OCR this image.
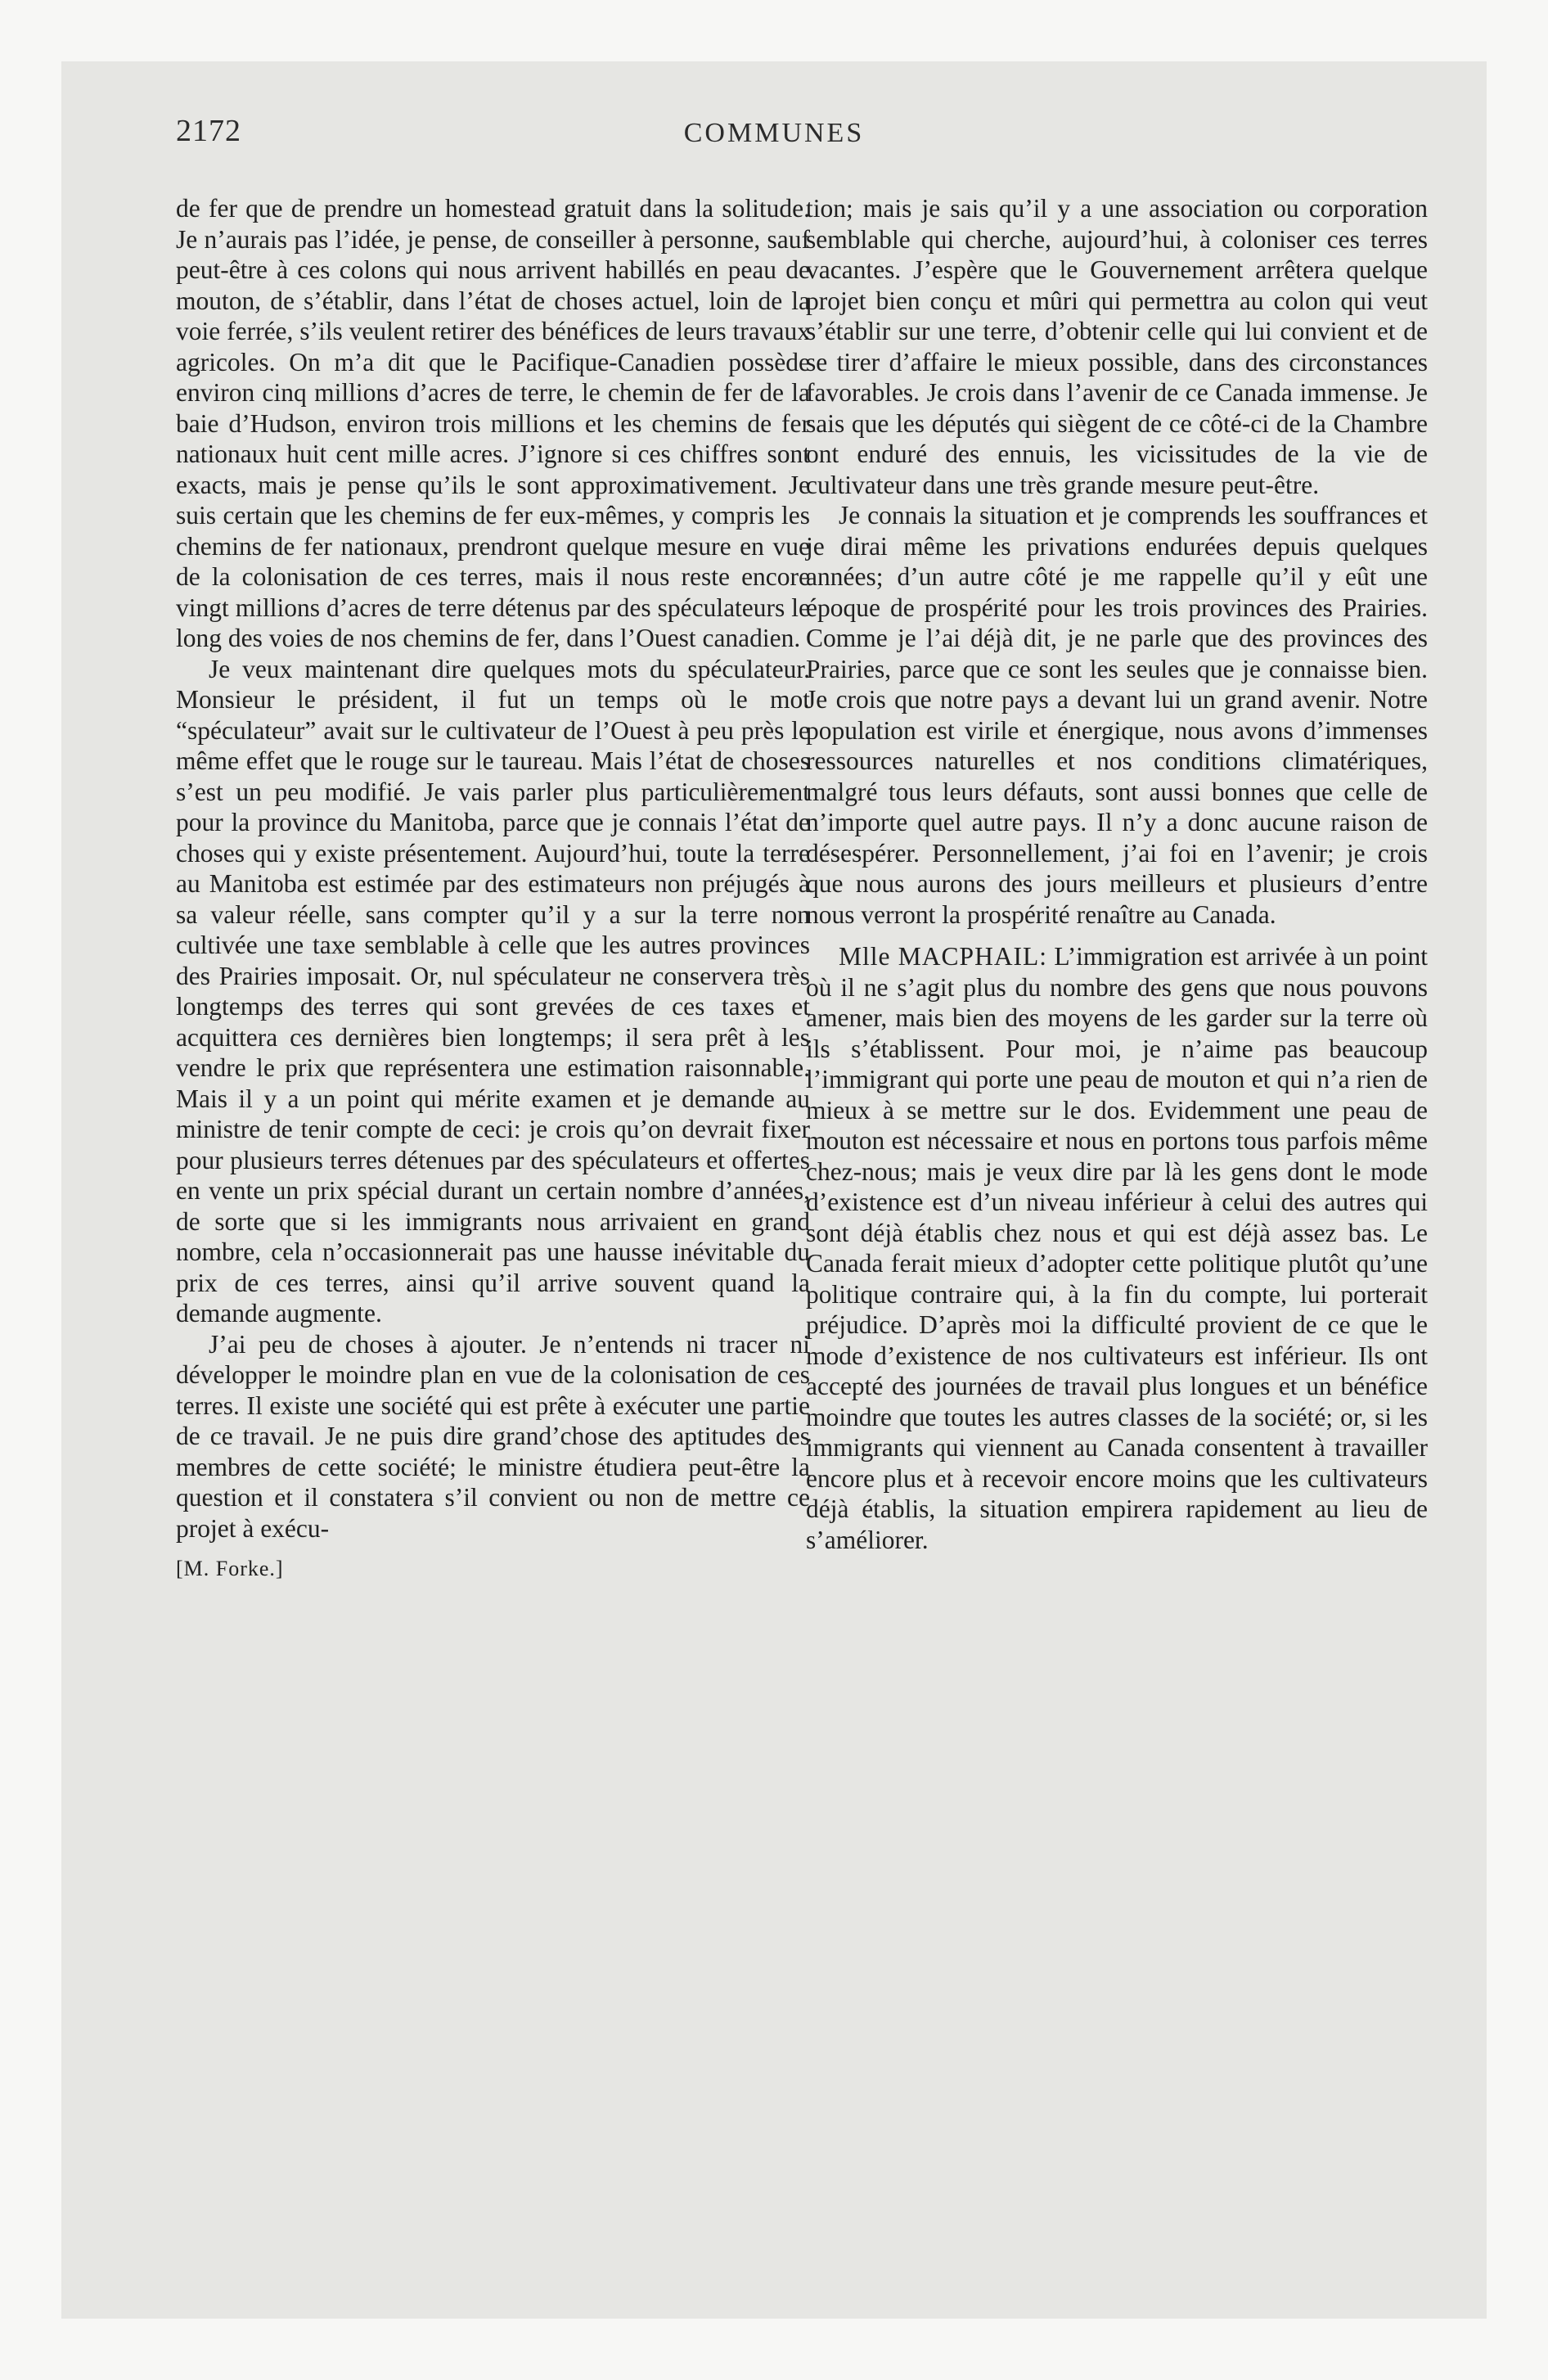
2172	COMMUNES

de fer que de prendre un homestead gratuit dans la solitude. Je n’aurais pas l’idée, je pense, de conseiller à personne, sauf peut-être à ces colons qui nous arrivent habillés en peau de mouton, de s’établir, dans l’état de choses actuel, loin de la voie ferrée, s’ils veulent retirer des bénéfices de leurs travaux agricoles. On m’a dit que le Pacifique-Canadien possède environ cinq millions d’acres de terre, le chemin de fer de la baie d’Hudson, environ trois millions et les chemins de fer nationaux huit cent mille acres. J’ignore si ces chiffres sont exacts, mais je pense qu’ils le sont approximativement. Je suis certain que les chemins de fer eux-mêmes, y compris les chemins de fer nationaux, prendront quelque mesure en vue de la colonisation de ces terres, mais il nous reste encore vingt millions d’acres de terre détenus par des spéculateurs le long des voies de nos chemins de fer, dans l’Ouest canadien.

Je veux maintenant dire quelques mots du spéculateur. Monsieur le président, il fut un temps où le mot “spéculateur” avait sur le cultivateur de l’Ouest à peu près le même effet que le rouge sur le taureau. Mais l’état de choses s’est un peu modifié. Je vais parler plus particulièrement pour la province du Manitoba, parce que je connais l’état de choses qui y existe présentement. Aujourd’hui, toute la terre au Manitoba est estimée par des estimateurs non préjugés à sa valeur réelle, sans compter qu’il y a sur la terre non cultivée une taxe semblable à celle que les autres provinces des Prairies imposait. Or, nul spéculateur ne conservera très longtemps des terres qui sont grevées de ces taxes et acquittera ces dernières bien longtemps; il sera prêt à les vendre le prix que représentera une estimation raisonnable. Mais il y a un point qui mérite examen et je demande au ministre de tenir compte de ceci: je crois qu’on devrait fixer pour plusieurs terres détenues par des spéculateurs et offertes en vente un prix spécial durant un certain nombre d’années, de sorte que si les immigrants nous arrivaient en grand nombre, cela n’occasionnerait pas une hausse inévitable du prix de ces terres, ainsi qu’il arrive souvent quand la demande augmente.

J’ai peu de choses à ajouter. Je n’entends ni tracer ni développer le moindre plan en vue de la colonisation de ces terres. Il existe une société qui est prête à exécuter une partie de ce travail. Je ne puis dire grand’chose des aptitudes des membres de cette société; le ministre étudiera peut-être la question et il constatera s’il convient ou non de mettre ce projet à exécu-

[M. Forke.]

tion; mais je sais qu’il y a une association ou corporation semblable qui cherche, aujourd’hui, à coloniser ces terres vacantes. J’espère que le Gouvernement arrêtera quelque projet bien conçu et mûri qui permettra au colon qui veut s’établir sur une terre, d’obtenir celle qui lui convient et de se tirer d’affaire le mieux possible, dans des circonstances favorables. Je crois dans l’avenir de ce Canada immense. Je sais que les députés qui siègent de ce côté-ci de la Chambre ont enduré des ennuis, les vicissitudes de la vie de cultivateur dans une très grande mesure peut-être.

Je connais la situation et je comprends les souffrances et je dirai même les privations endurées depuis quelques années; d’un autre côté je me rappelle qu’il y eût une époque de prospérité pour les trois provinces des Prairies. Comme je l’ai déjà dit, je ne parle que des provinces des Prairies, parce que ce sont les seules que je connaisse bien. Je crois que notre pays a devant lui un grand avenir. Notre population est virile et énergique, nous avons d’immenses ressources naturelles et nos conditions climatériques, malgré tous leurs défauts, sont aussi bonnes que celle de n’importe quel autre pays. Il n’y a donc aucune raison de désespérer. Personnellement, j’ai foi en l’avenir; je crois que nous aurons des jours meilleurs et plusieurs d’entre nous verront la prospérité renaître au Canada.

Mlle MACPHAIL: L’immigration est arrivée à un point où il ne s’agit plus du nombre des gens que nous pouvons amener, mais bien des moyens de les garder sur la terre où ils s’établissent. Pour moi, je n’aime pas beaucoup l’immigrant qui porte une peau de mouton et qui n’a rien de mieux à se mettre sur le dos. Evidemment une peau de mouton est nécessaire et nous en portons tous parfois même chez-nous; mais je veux dire par là les gens dont le mode d’existence est d’un niveau inférieur à celui des autres qui sont déjà établis chez nous et qui est déjà assez bas. Le Canada ferait mieux d’adopter cette politique plutôt qu’une politique contraire qui, à la fin du compte, lui porterait préjudice. D’après moi la difficulté provient de ce que le mode d’existence de nos cultivateurs est inférieur. Ils ont accepté des journées de travail plus longues et un bénéfice moindre que toutes les autres classes de la société; or, si les immigrants qui viennent au Canada consentent à travailler encore plus et à recevoir encore moins que les cultivateurs déjà établis, la situation empirera rapidement au lieu de s’améliorer.
